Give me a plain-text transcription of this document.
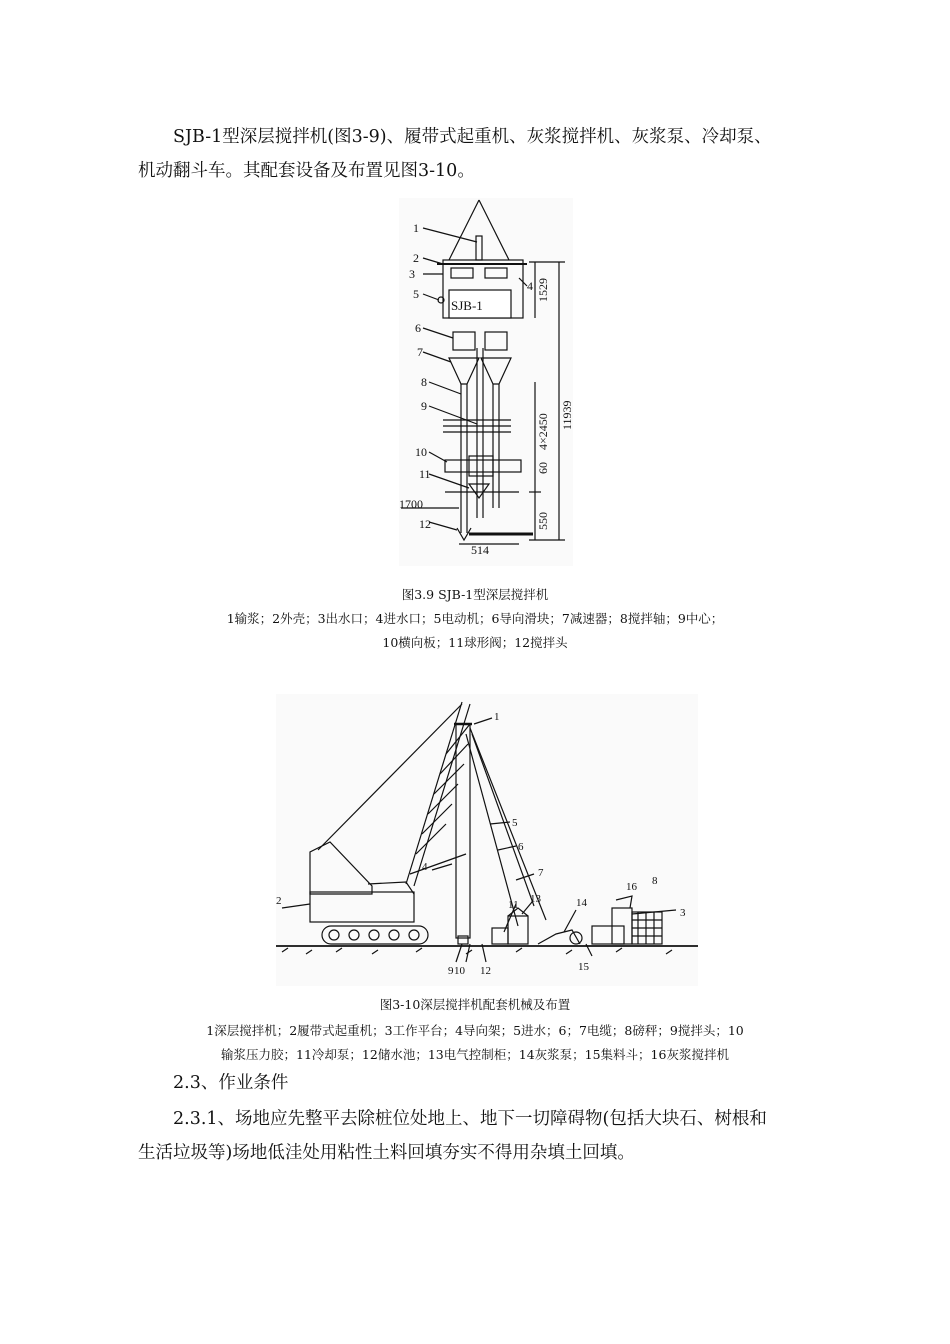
SJB-1型深层搅拌机(图3-9)、履带式起重机、灰浆搅拌机、灰浆泵、冷却泵、
机动翻斗车。其配套设备及布置见图3-10。

SJB-1
1
2
3
4
5
6
7
8
9
10
11
12
1700
514
1529
11939
4×2450
60
550

图3.9 SJB-1型深层搅拌机

1输浆；2外壳；3出水口；4进水口；5电动机；6导向滑块；7减速器；8搅拌轴；9中心；

10横向板；11球形阀；12搅拌头

1
2
3
4
5
6
7
8
9 10
11
12
13	14
15
16

图3-10深层搅拌机配套机械及布置

1深层搅拌机；2履带式起重机；3工作平台；4导向架；5进水；6；7电缆；8磅秤；9搅拌头；10

输浆压力胶；11冷却泵；12储水池；13电气控制柜；14灰浆泵；15集料斗；16灰浆搅拌机

2.3、作业条件

2.3.1、场地应先整平去除桩位处地上、地下一切障碍物(包括大块石、树根和
生活垃圾等)场地低洼处用粘性土料回填夯实不得用杂填土回填。
